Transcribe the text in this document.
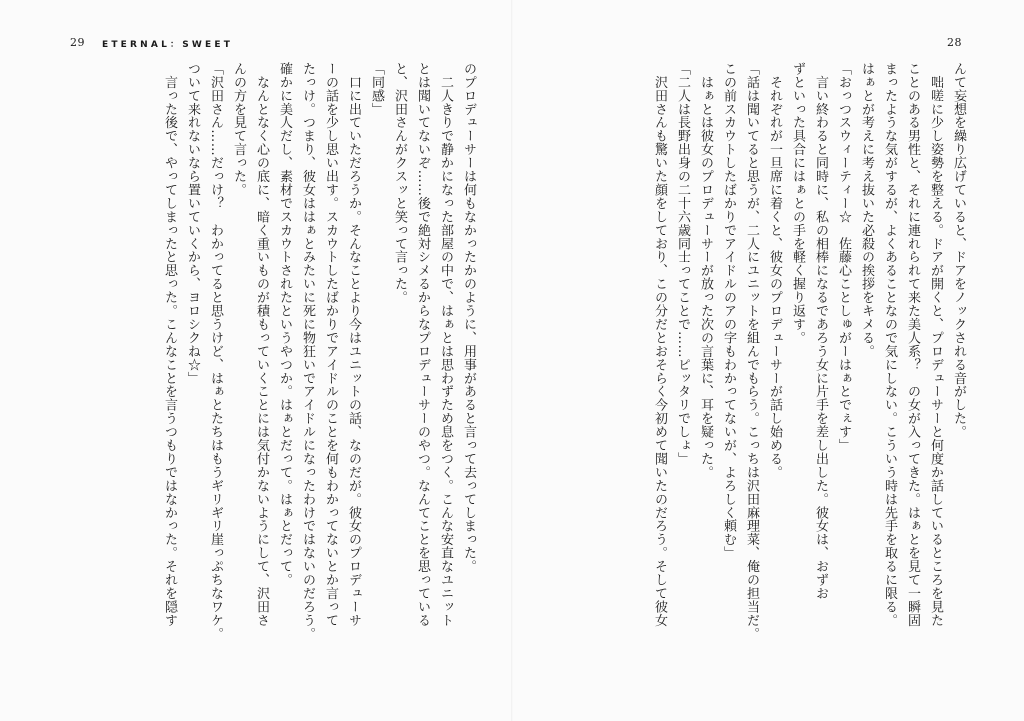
29 ETERNAL：SWEET	28

んて妄想を繰り広げていると、ドアをノックされる音がした。

　咄嗟に少し姿勢を整える。ドアが開くと、プロデューサーと何度か話しているところを見た

ことのある男性と、それに連れられて来た美人系？　の女が入ってきた。はぁとを見て一瞬固

まったような気がするが、よくあることなので気にしない。こういう時は先手を取るに限る。

はぁとが考えに考え抜いた必殺の挨拶をキメる。

「おっつスウィーティー☆　佐藤心ことしゅがーはぁとでぇす」

　言い終わると同時に、私の相棒になるであろう女に片手を差し出した。彼女は、おずお

ずといった具合にはぁとの手を軽く握り返す。

　それぞれが一旦席に着くと、彼女のプロデューサーが話し始める。

「話は聞いてると思うが、二人にユニットを組んでもらう。こっちは沢田麻理菜、俺の担当だ。

この前スカウトしたばかりでアイドルのアの字もわかってないが、よろしく頼む」

　はぁとは彼女のプロデューサーが放った次の言葉に、耳を疑った。

「二人は長野出身の二十六歳同士ってことで……ピッタリでしょ」

　沢田さんも驚いた顔をしており、この分だとおそらく今初めて聞いたのだろう。そして彼女

のプロデューサーは何もなかったかのように、用事があると言って去ってしまった。

　二人きりで静かになった部屋の中で、はぁとは思わずため息をつく。こんな安直なユニット

とは聞いてないぞ……後で絶対シメるからなプロデューサーのやつ。なんてことを思っている

と、沢田さんがクスッと笑って言った。

「同感」

　口に出ていただろうか。そんなことより今はユニットの話、なのだが。彼女のプロデューサ

ーの話を少し思い出す。スカウトしたばかりでアイドルのことを何もわかってないとか言って

たっけ。つまり、彼女ははぁとみたいに死に物狂いでアイドルになったわけではないのだろう。

確かに美人だし、素材でスカウトされたというやつか。はぁとだって。はぁとだって。

　なんとなく心の底に、暗く重いものが積もっていくことには気付かないようにして、沢田さ

んの方を見て言った。

「沢田さん……だっけ？　わかってると思うけど、はぁとたちはもうギリギリ崖っぷちなワケ。

ついて来れないなら置いていくから、ヨロシクね☆」

　言った後で、やってしまったと思った。こんなことを言うつもりではなかった。それを隠す
